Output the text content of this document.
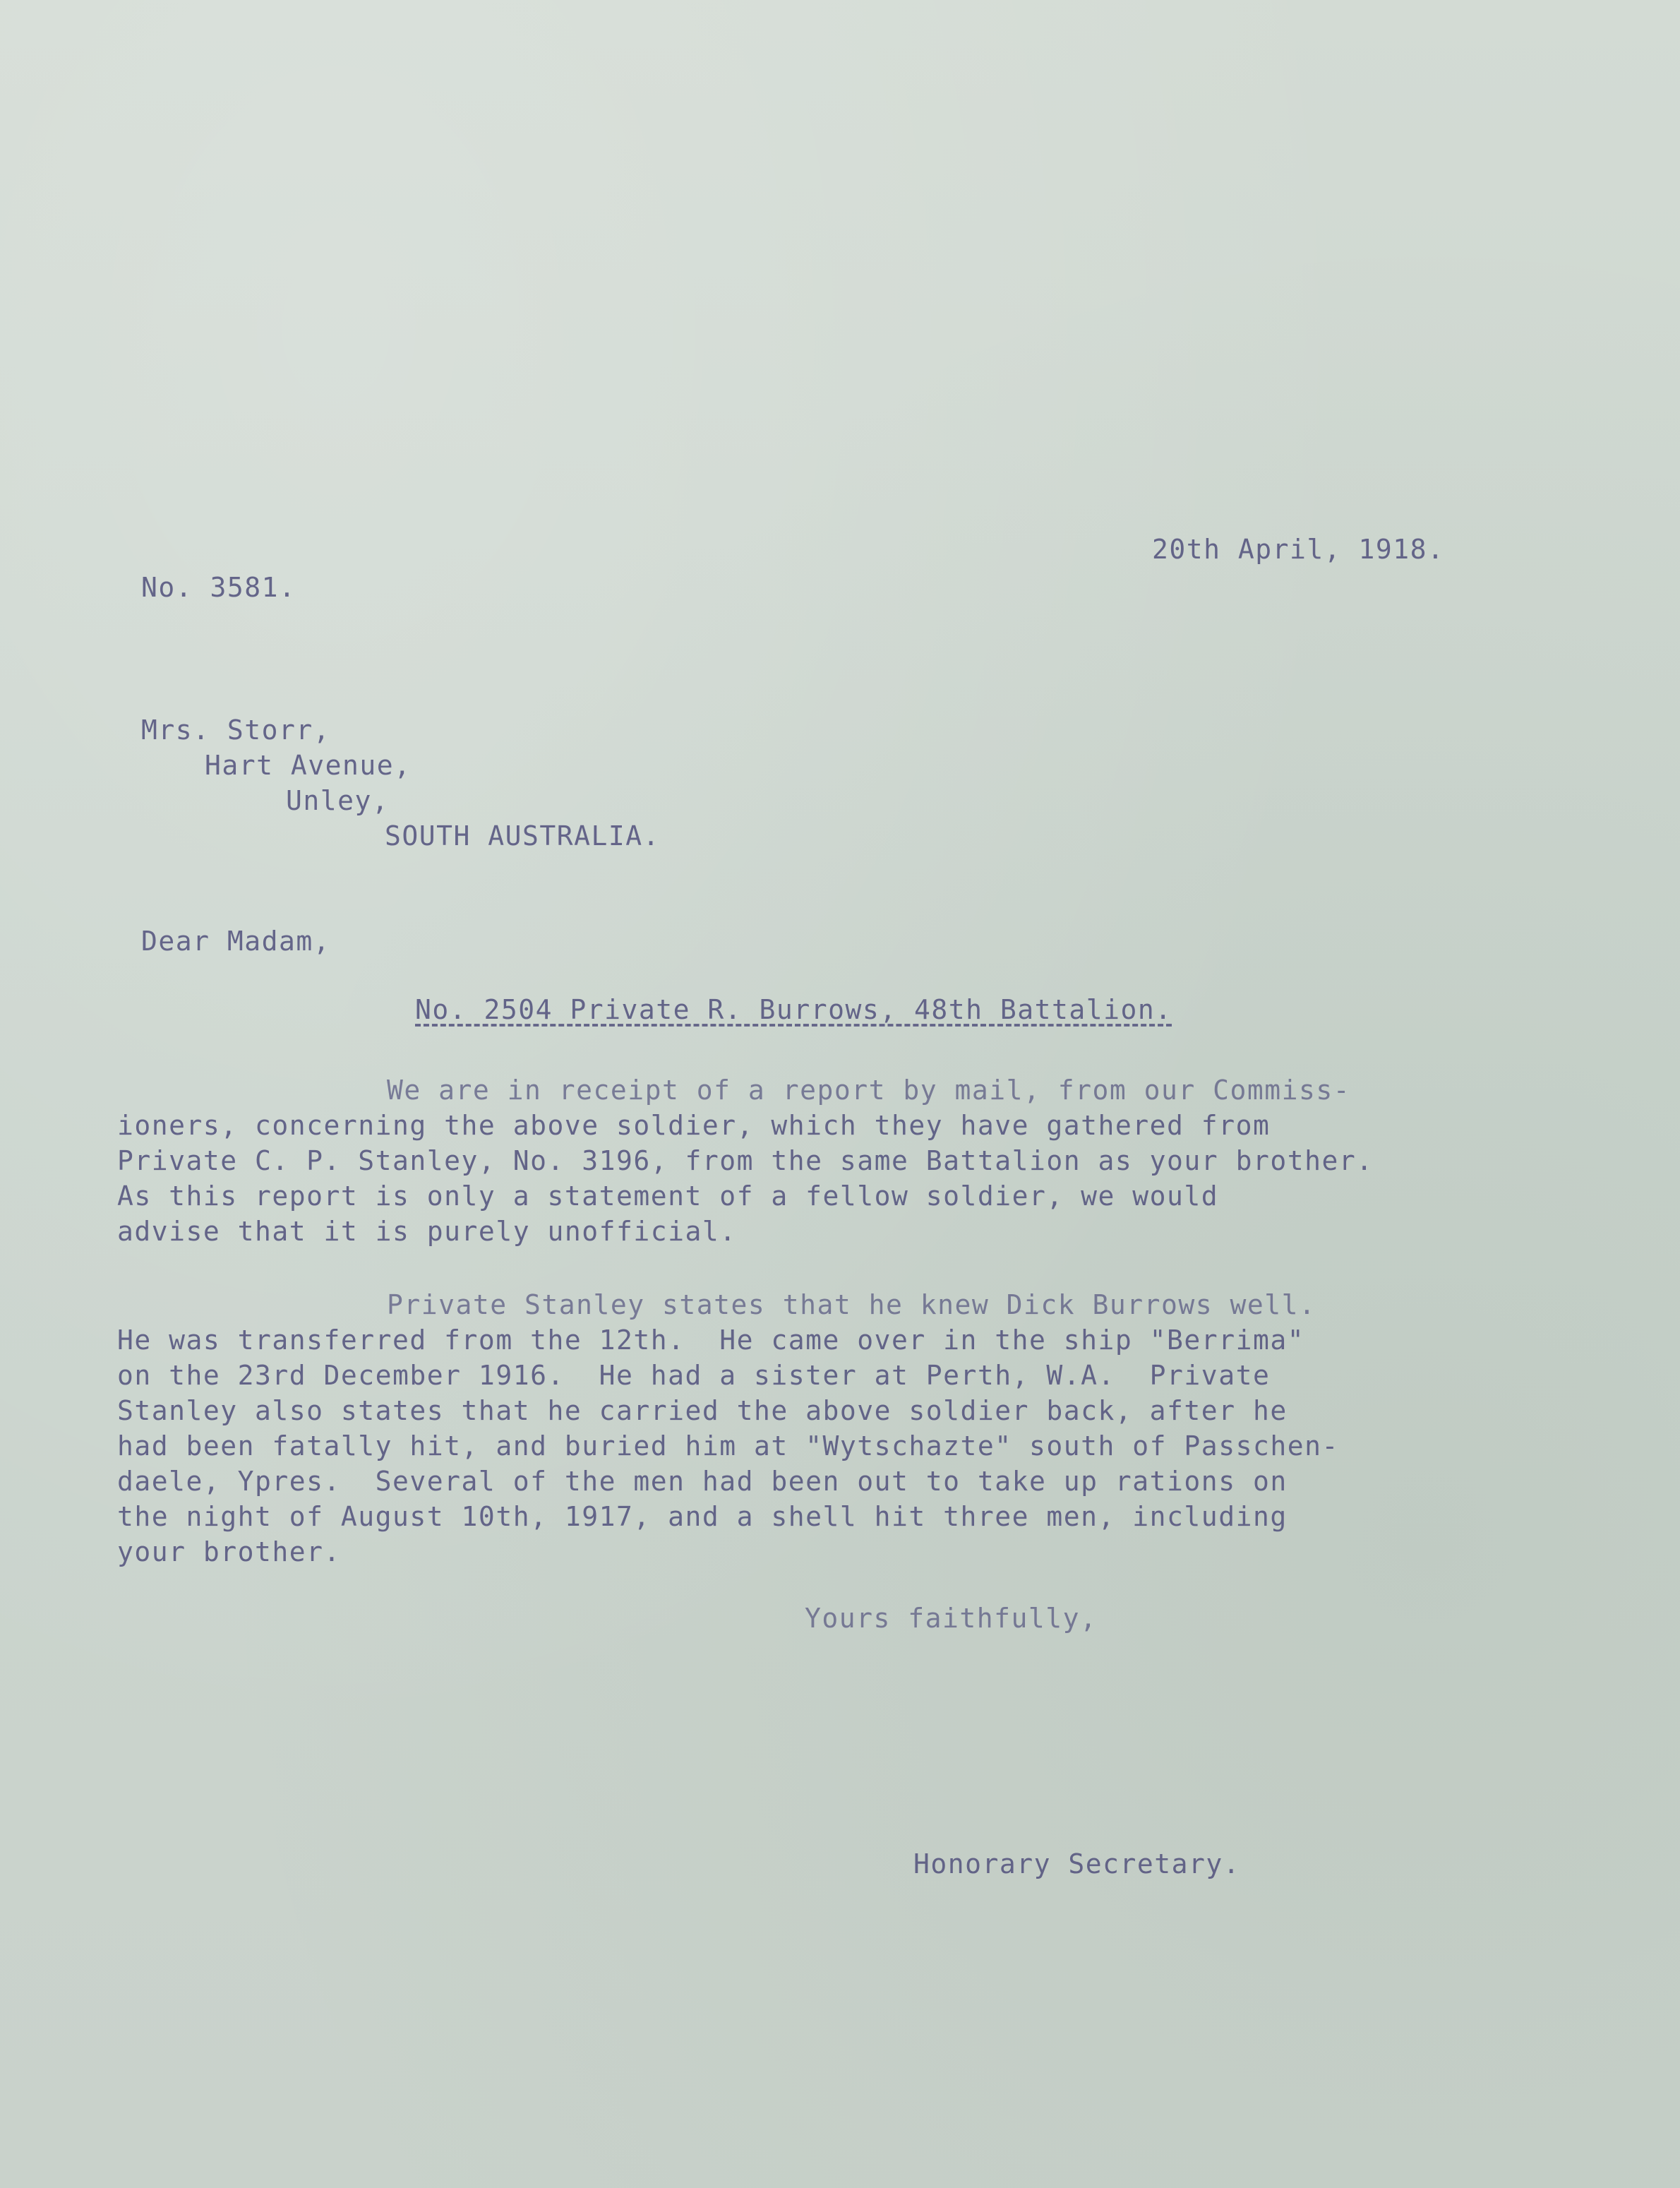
20th April, 1918.
No. 3581.
Mrs. Storr,
Hart Avenue,
Unley,
SOUTH AUSTRALIA.
Dear Madam,
No. 2504 Private R. Burrows, 48th Battalion.
We are in receipt of a report by mail, from our Commiss-
ioners, concerning the above soldier, which they have gathered from
Private C. P. Stanley, No. 3196, from the same Battalion as your brother.
As this report is only a statement of a fellow soldier, we would
advise that it is purely unofficial.
Private Stanley states that he knew Dick Burrows well.
He was transferred from the 12th.  He came over in the ship "Berrima"
on the 23rd December 1916.  He had a sister at Perth, W.A.  Private
Stanley also states that he carried the above soldier back, after he
had been fatally hit, and buried him at "Wytschazte" south of Passchen-
daele, Ypres.  Several of the men had been out to take up rations on
the night of August 10th, 1917, and a shell hit three men, including
your brother.
Yours faithfully,
Honorary Secretary.
